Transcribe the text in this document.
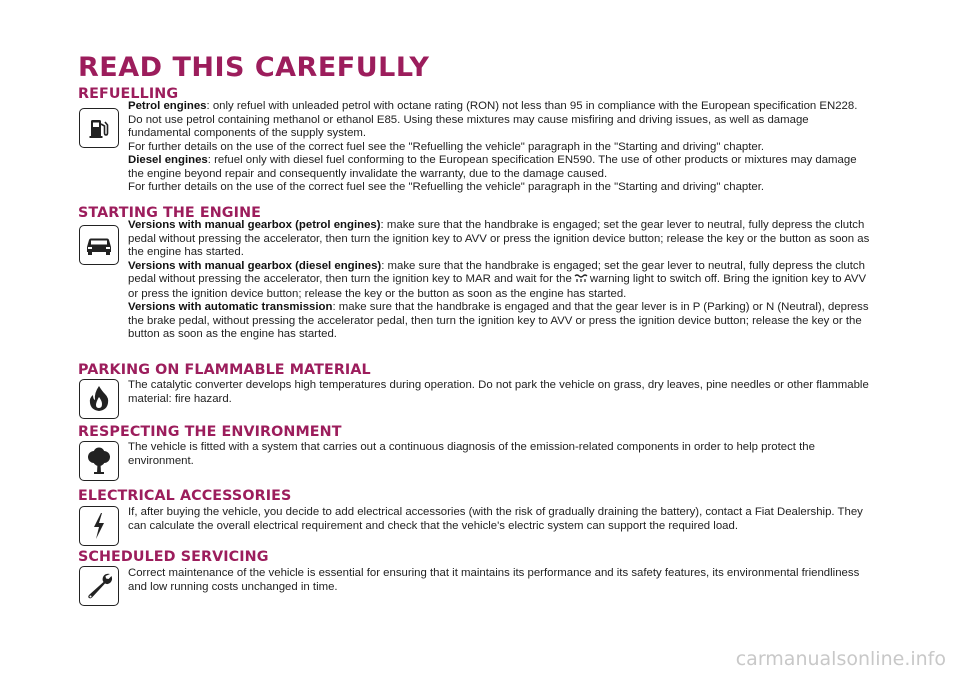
READ THIS CAREFULLY
REFUELLING

Petrol engines: only refuel with unleaded petrol with octane rating (RON) not less than 95 in compliance with the European specification EN228. Do not use petrol containing methanol or ethanol E85. Using these mixtures may cause misfiring and driving issues, as well as damage fundamental components of the supply system.

For further details on the use of the correct fuel see the "Refuelling the vehicle" paragraph in the "Starting and driving" chapter.

Diesel engines: refuel only with diesel fuel conforming to the European specification EN590. The use of other products or mixtures may damage the engine beyond repair and consequently invalidate the warranty, due to the damage caused.

For further details on the use of the correct fuel see the "Refuelling the vehicle" paragraph in the "Starting and driving" chapter.

STARTING THE ENGINE

Versions with manual gearbox (petrol engines): make sure that the handbrake is engaged; set the gear lever to neutral, fully depress the clutch pedal without pressing the accelerator, then turn the ignition key to AVV or press the ignition device button; release the key or the button as soon as the engine has started.

Versions with manual gearbox (diesel engines): make sure that the handbrake is engaged; set the gear lever to neutral, fully depress the clutch pedal without pressing the accelerator, then turn the ignition key to MAR and wait for the warning light to switch off. Bring the ignition key to AVV or press the ignition device button; release the key or the button as soon as the engine has started.

Versions with automatic transmission: make sure that the handbrake is engaged and that the gear lever is in P (Parking) or N (Neutral), depress the brake pedal, without pressing the accelerator pedal, then turn the ignition key to AVV or press the ignition device button; release the key or the button as soon as the engine has started.

PARKING ON FLAMMABLE MATERIAL

The catalytic converter develops high temperatures during operation. Do not park the vehicle on grass, dry leaves, pine needles or other flammable material: fire hazard.

RESPECTING THE ENVIRONMENT

The vehicle is fitted with a system that carries out a continuous diagnosis of the emission-related components in order to help protect the environment.

ELECTRICAL ACCESSORIES

If, after buying the vehicle, you decide to add electrical accessories (with the risk of gradually draining the battery), contact a Fiat Dealership. They can calculate the overall electrical requirement and check that the vehicle's electric system can support the required load.

SCHEDULED SERVICING

Correct maintenance of the vehicle is essential for ensuring that it maintains its performance and its safety features, its environmental friendliness and low running costs unchanged in time.

carmanualsonline.info
